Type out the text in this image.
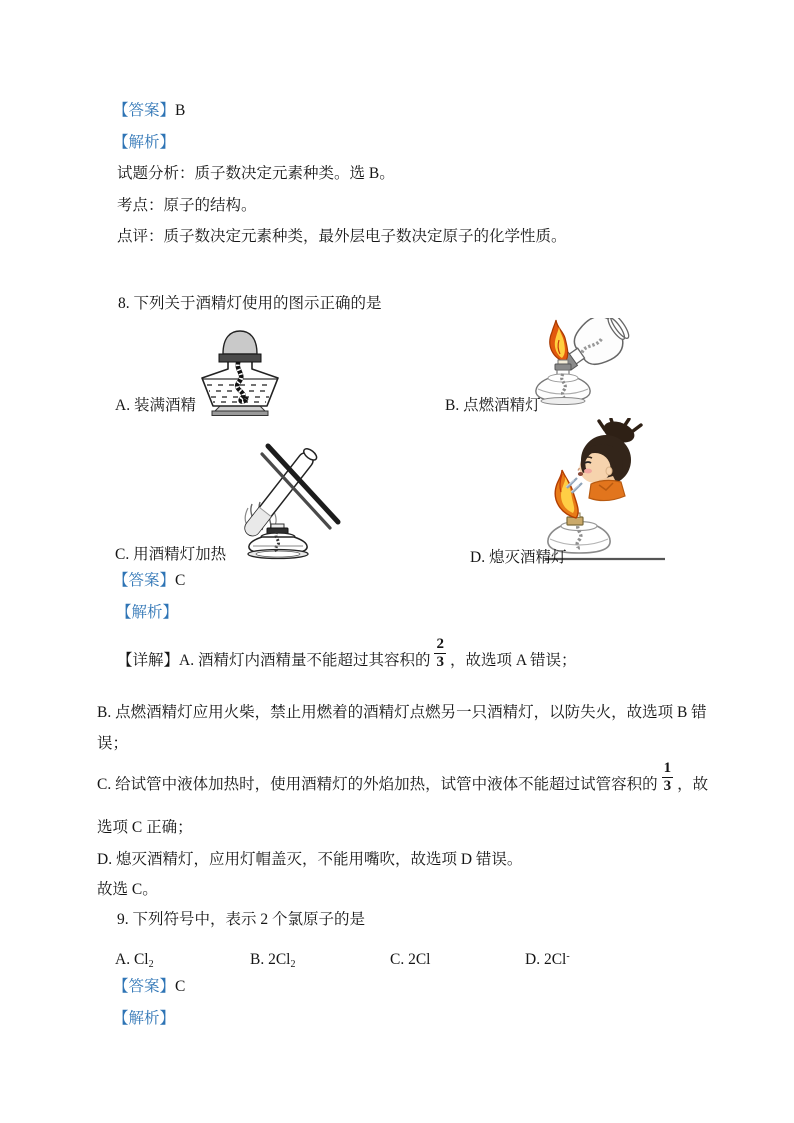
【答案】B
【解析】
试题分析：质子数决定元素种类。选 B。
考点：原子的结构。
点评：质子数决定元素种类，最外层电子数决定原子的化学性质。
8. 下列关于酒精灯使用的图示正确的是
A. 装满酒精	B. 点燃酒精灯
C. 用酒精灯加热	D. 熄灭酒精灯
【答案】C
【解析】
【详解】A. 酒精灯内酒精量不能超过其容积的 $\frac{2}{3}$ ，故选项 A 错误；
B. 点燃酒精灯应用火柴，禁止用燃着的酒精灯点燃另一只酒精灯，以防失火，故选项 B 错
误；
C. 给试管中液体加热时，使用酒精灯的外焰加热，试管中液体不能超过试管容积的 $\frac{1}{3}$ ，故
选项 C 正确；
D. 熄灭酒精灯，应用灯帽盖灭，不能用嘴吹，故选项 D 错误。
故选 C。
9. 下列符号中，表示 2 个氯原子的是
A. $Cl_2$	B. $2Cl_2$	C. 2Cl	D. 2Cl-
【答案】C
【解析】
